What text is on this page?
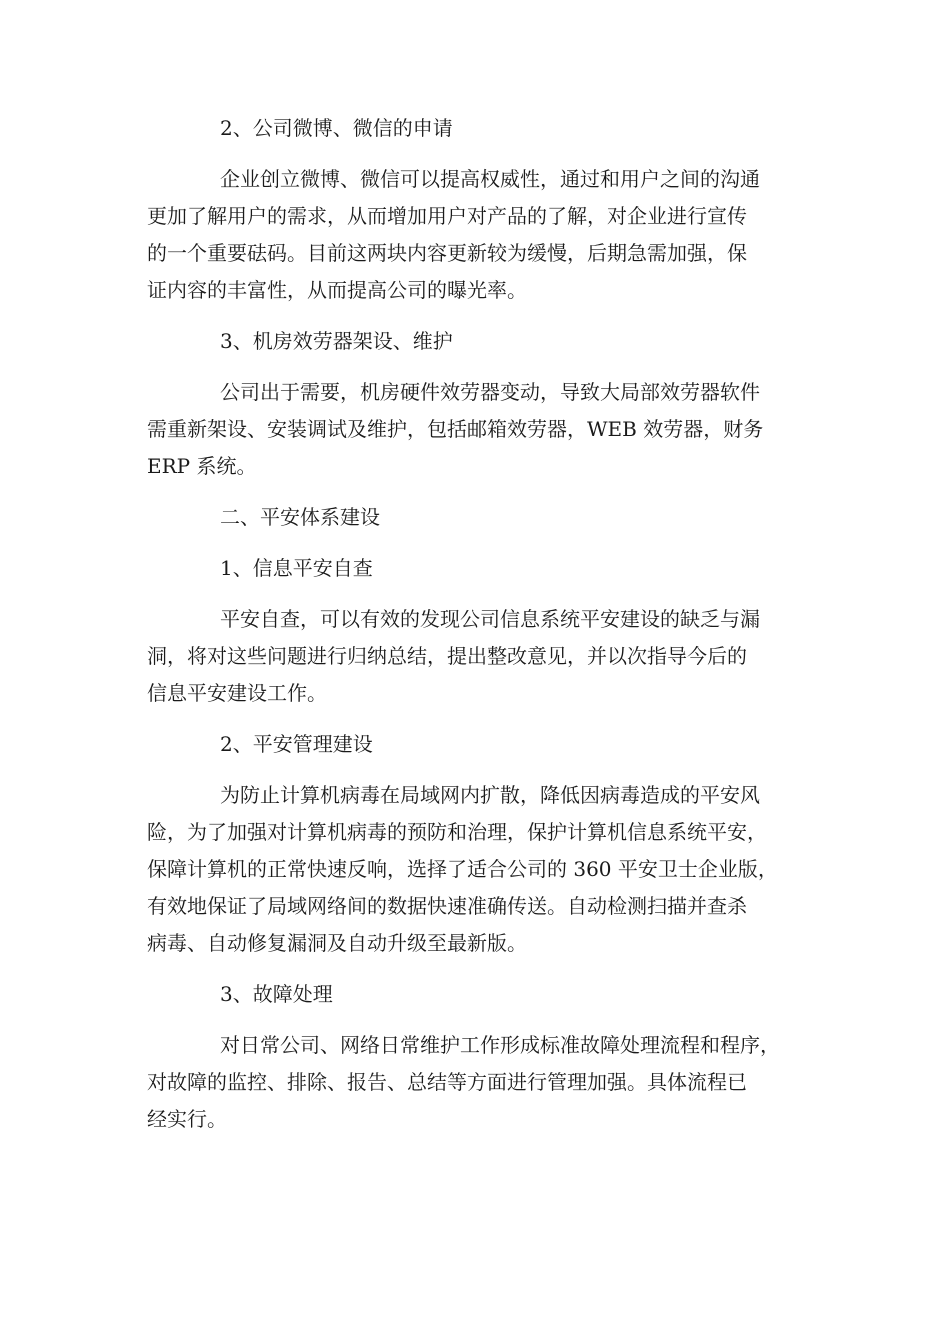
2、公司微博、微信的申请
企业创立微博、微信可以提高权威性，通过和用户之间的沟通
更加了解用户的需求，从而增加用户对产品的了解，对企业进行宣传
的一个重要砝码。目前这两块内容更新较为缓慢，后期急需加强，保
证内容的丰富性，从而提高公司的曝光率。
3、机房效劳器架设、维护
公司出于需要，机房硬件效劳器变动，导致大局部效劳器软件
需重新架设、安装调试及维护，包括邮箱效劳器，WEB 效劳器，财务
ERP 系统。
二、平安体系建设
1、信息平安自查
平安自查，可以有效的发现公司信息系统平安建设的缺乏与漏
洞，将对这些问题进行归纳总结，提出整改意见，并以次指导今后的
信息平安建设工作。
2、平安管理建设
为防止计算机病毒在局域网内扩散，降低因病毒造成的平安风
险，为了加强对计算机病毒的预防和治理，保护计算机信息系统平安，
保障计算机的正常快速反响，选择了适合公司的 360 平安卫士企业版，
有效地保证了局域网络间的数据快速准确传送。自动检测扫描并查杀
病毒、自动修复漏洞及自动升级至最新版。
3、故障处理
对日常公司、网络日常维护工作形成标准故障处理流程和程序，
对故障的监控、排除、报告、总结等方面进行管理加强。具体流程已
经实行。
